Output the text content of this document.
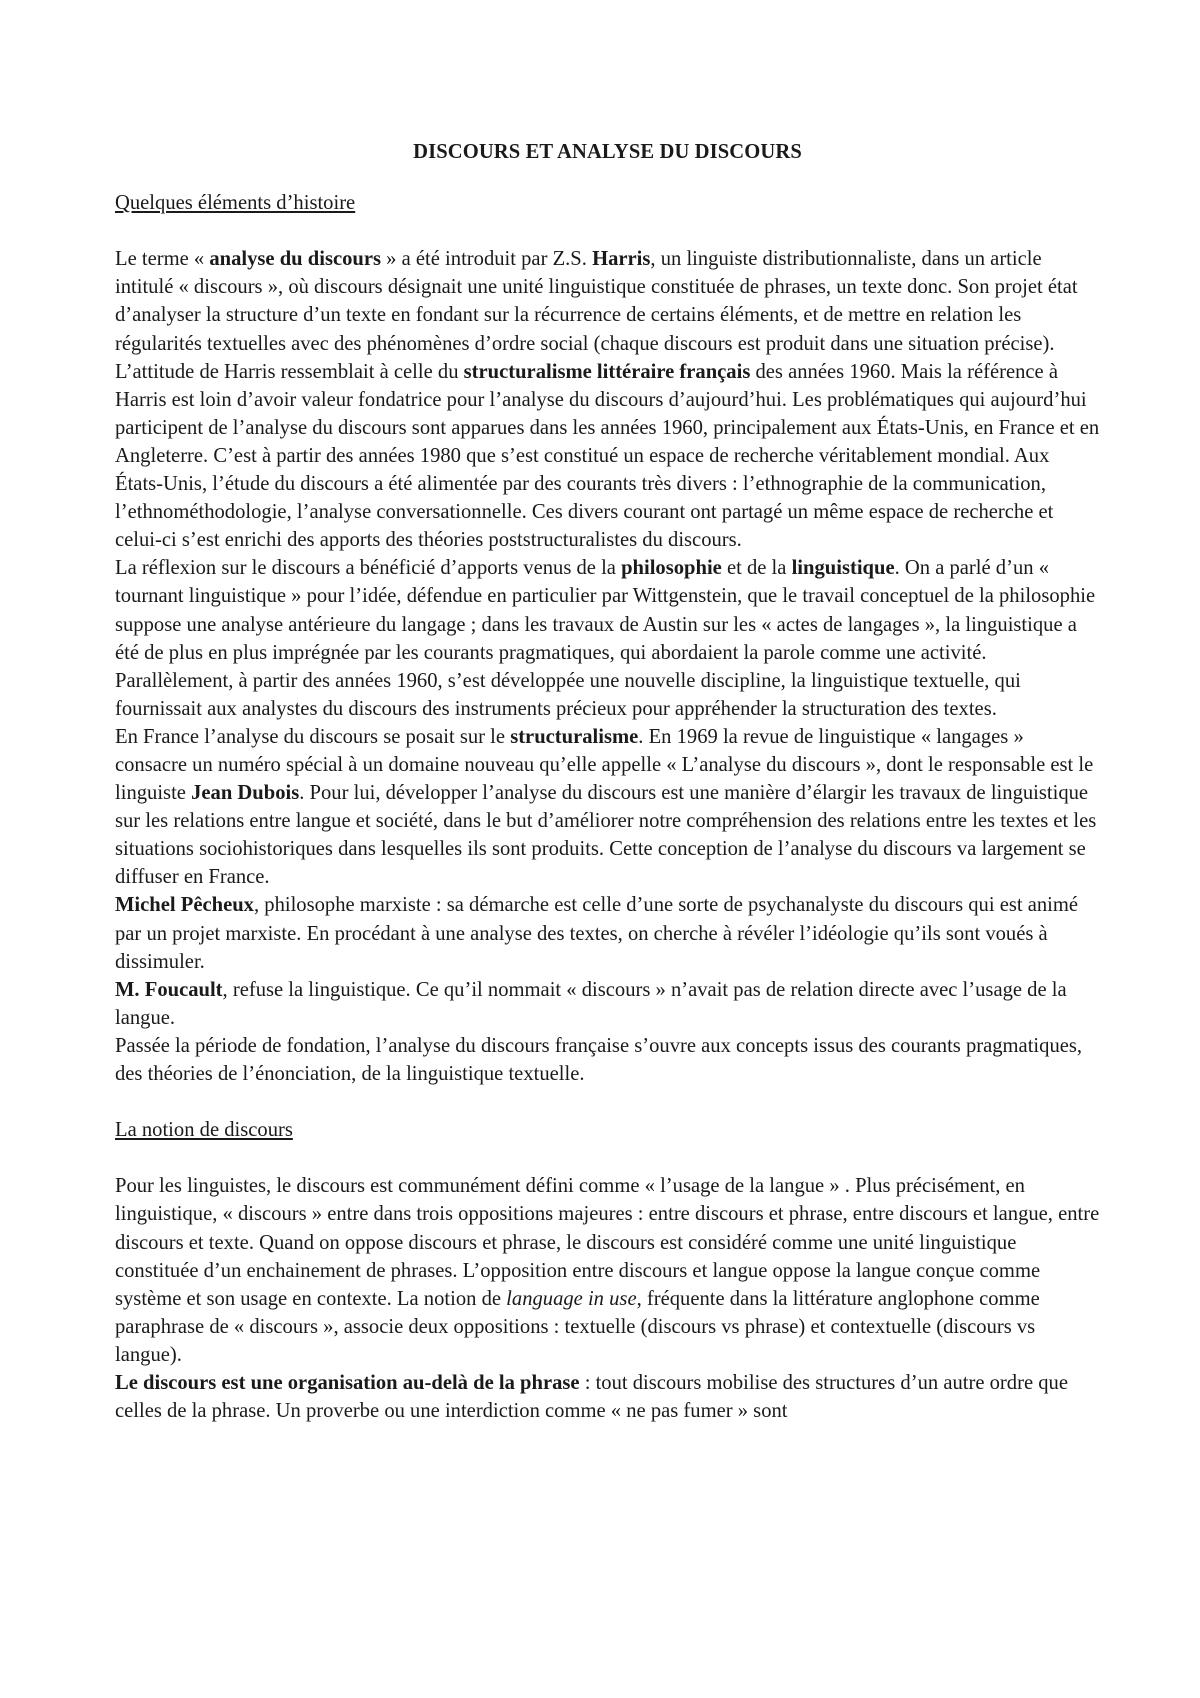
DISCOURS ET ANALYSE DU DISCOURS
Quelques éléments d’histoire

Le terme « analyse du discours » a été introduit par Z.S. Harris, un linguiste distributionnaliste, dans un article intitulé « discours », où discours désignait une unité linguistique constituée de phrases, un texte donc. Son projet état d’analyser la structure d’un texte en fondant sur la récurrence de certains éléments, et de mettre en relation les régularités textuelles avec des phénomènes d’ordre social (chaque discours est produit dans une situation précise). L’attitude de Harris ressemblait à celle du structuralisme littéraire français des années 1960. Mais la référence à Harris est loin d’avoir valeur fondatrice pour l’analyse du discours d’aujourd’hui. Les problématiques qui aujourd’hui participent de l’analyse du discours sont apparues dans les années 1960, principalement aux États-Unis, en France et en Angleterre. C’est à partir des années 1980 que s’est constitué un espace de recherche véritablement mondial. Aux États-Unis, l’étude du discours a été alimentée par des courants très divers : l’ethnographie de la communication, l’ethnométhodologie, l’analyse conversationnelle. Ces divers courant ont partagé un même espace de recherche et celui-ci s’est enrichi des apports des théories poststructuralistes du discours.

La réflexion sur le discours a bénéficié d’apports venus de la philosophie et de la linguistique. On a parlé d’un « tournant linguistique » pour l’idée, défendue en particulier par Wittgenstein, que le travail conceptuel de la philosophie suppose une analyse antérieure du langage ; dans les travaux de Austin sur les « actes de langages », la linguistique a été de plus en plus imprégnée par les courants pragmatiques, qui abordaient la parole comme une activité. Parallèlement, à partir des années 1960, s’est développée une nouvelle discipline, la linguistique textuelle, qui fournissait aux analystes du discours des instruments précieux pour appréhender la structuration des textes.

En France l’analyse du discours se posait sur le structuralisme. En 1969 la revue de linguistique « langages » consacre un numéro spécial à un domaine nouveau qu’elle appelle « L’analyse du discours », dont le responsable est le linguiste Jean Dubois. Pour lui, développer l’analyse du discours est une manière d’élargir les travaux de linguistique sur les relations entre langue et société, dans le but d’améliorer notre compréhension des relations entre les textes et les situations sociohistoriques dans lesquelles ils sont produits. Cette conception de l’analyse du discours va largement se diffuser en France.

Michel Pêcheux, philosophe marxiste : sa démarche est celle d’une sorte de psychanalyste du discours qui est animé par un projet marxiste. En procédant à une analyse des textes, on cherche à révéler l’idéologie qu’ils sont voués à dissimuler.

M. Foucault, refuse la linguistique. Ce qu’il nommait « discours » n’avait pas de relation directe avec l’usage de la langue.

Passée la période de fondation, l’analyse du discours française s’ouvre aux concepts issus des courants pragmatiques, des théories de l’énonciation, de la linguistique textuelle.

La notion de discours

Pour les linguistes, le discours est communément défini comme « l’usage de la langue » . Plus précisément, en linguistique, « discours » entre dans trois oppositions majeures : entre discours et phrase, entre discours et langue, entre discours et texte. Quand on oppose discours et phrase, le discours est considéré comme une unité linguistique constituée d’un enchainement de phrases. L’opposition entre discours et langue oppose la langue conçue comme système et son usage en contexte. La notion de language in use, fréquente dans la littérature anglophone comme paraphrase de « discours », associe deux oppositions : textuelle (discours vs phrase) et contextuelle (discours vs langue).

Le discours est une organisation au-delà de la phrase : tout discours mobilise des structures d’un autre ordre que celles de la phrase. Un proverbe ou une interdiction comme « ne pas fumer » sont
